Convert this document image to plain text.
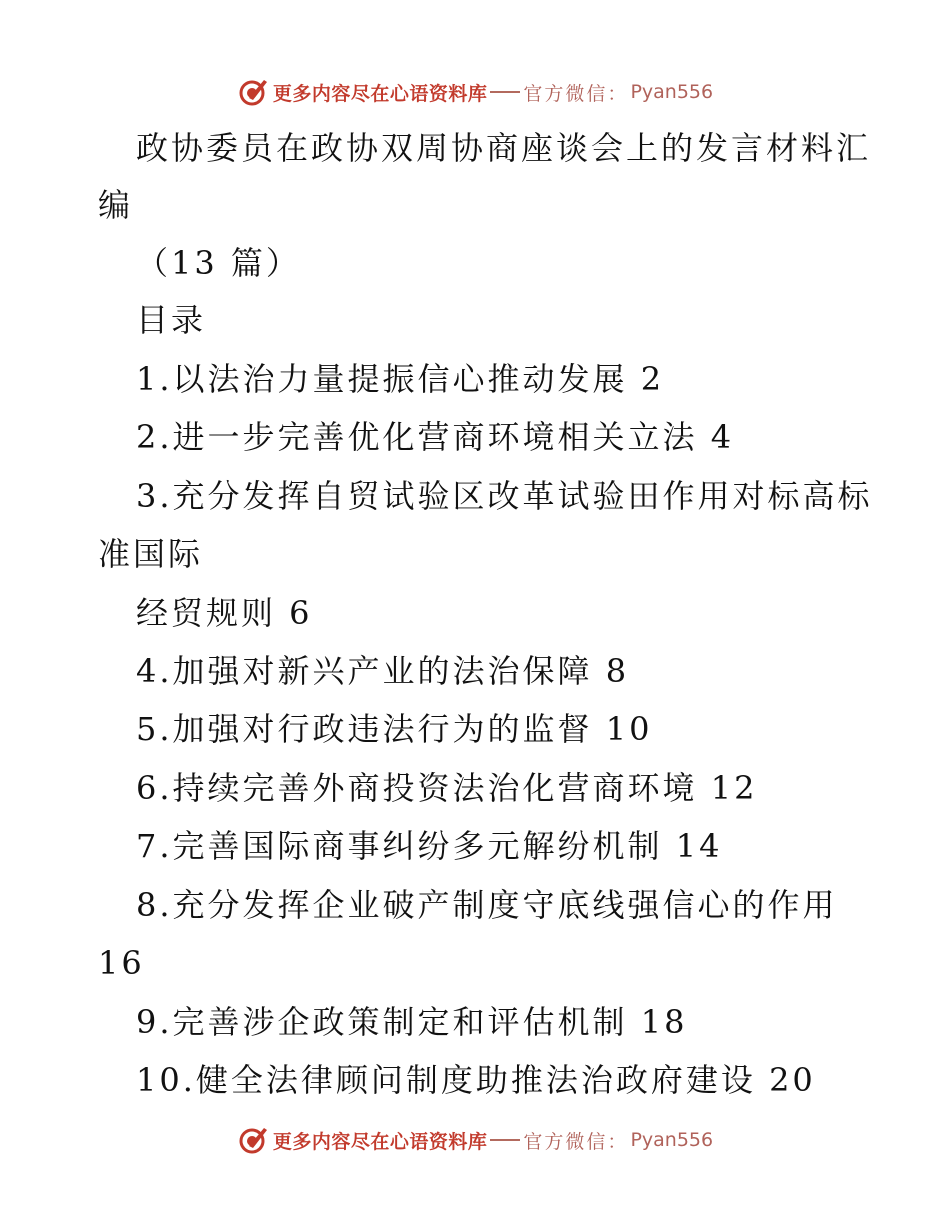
更多内容尽在心语资料库 官方微信 ： Pyan556
政协委员在政协双周协商座谈会上的发言材料汇
编
（13 篇）
目录
1.以法治力量提振信心推动发展 2
2.进一步完善优化营商环境相关立法 4
3.充分发挥自贸试验区改革试验田作用对标高标
准国际
经贸规则 6
4.加强对新兴产业的法治保障 8
5.加强对行政违法行为的监督 10
6.持续完善外商投资法治化营商环境 12
7.完善国际商事纠纷多元解纷机制 14
8.充分发挥企业破产制度守底线强信心的作用
16
9.完善涉企政策制定和评估机制 18
10.健全法律顾问制度助推法治政府建设 20
更多内容尽在心语资料库 官方微信 ： Pyan556
